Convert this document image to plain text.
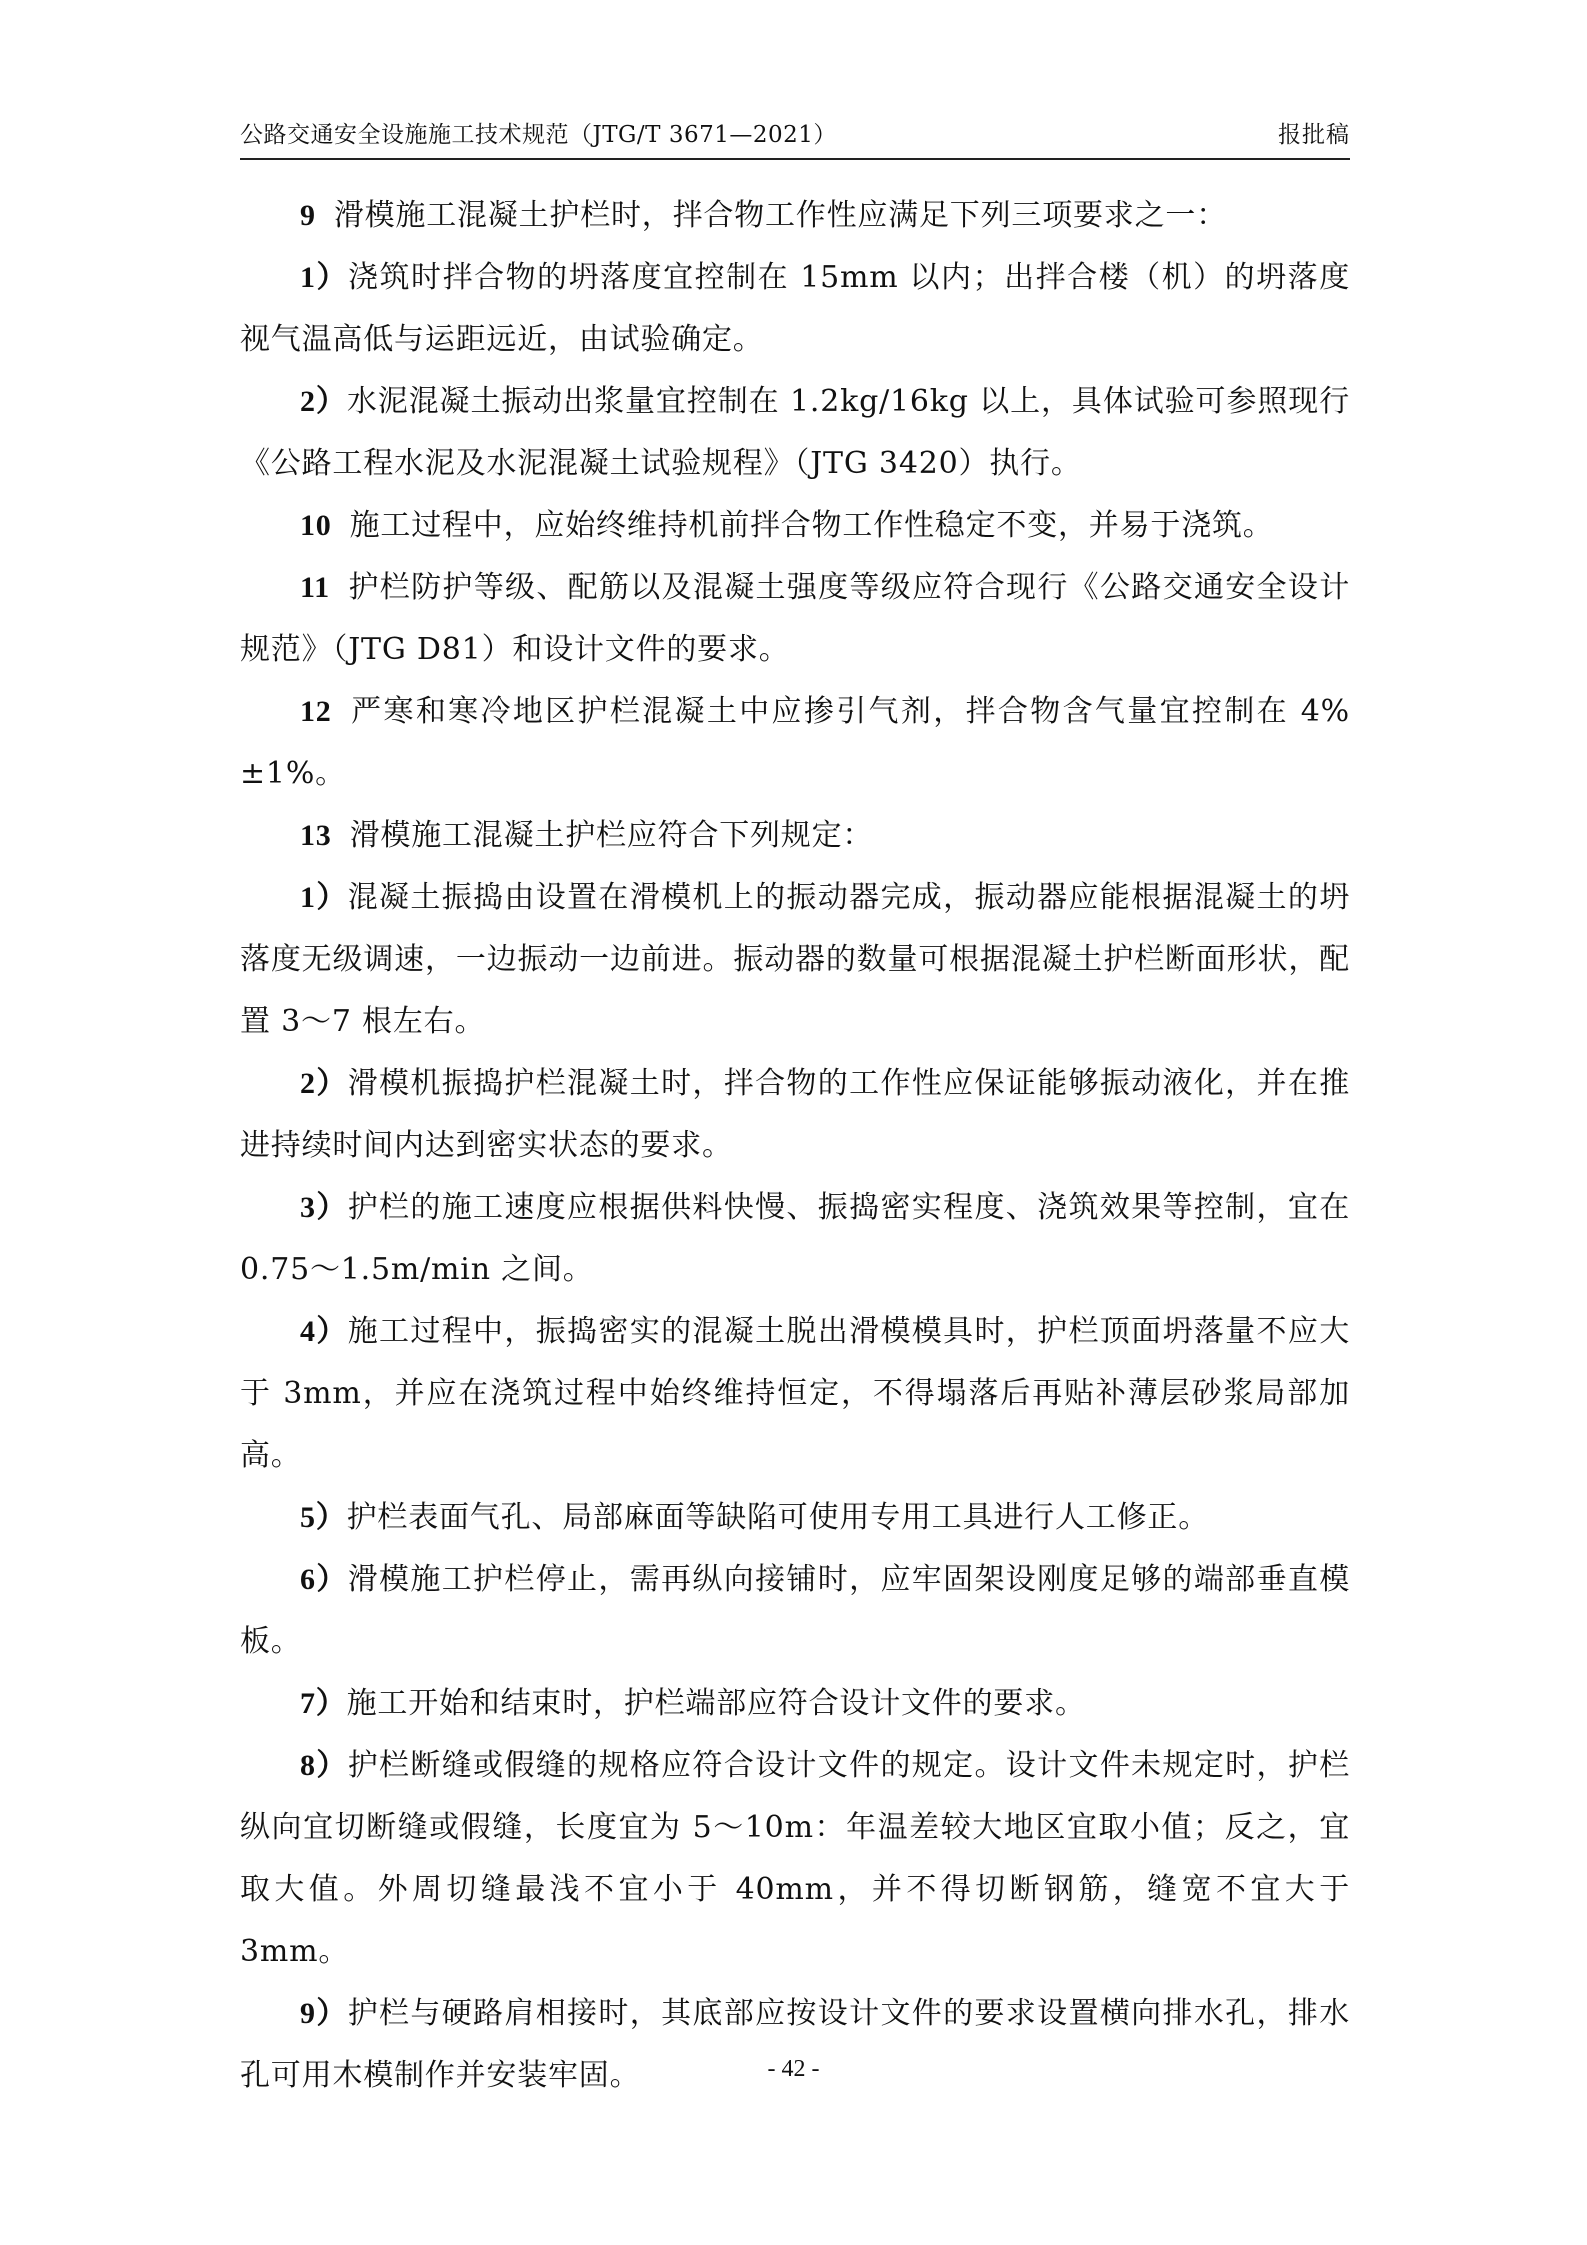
公路交通安全设施施工技术规范（JTG/T 3671—2021）	报批稿

9 滑模施工混凝土护栏时，拌合物工作性应满足下列三项要求之一：

1）浇筑时拌合物的坍落度宜控制在 15mm 以内；出拌合楼（机）的坍落度视气温高低与运距远近，由试验确定。

2）水泥混凝土振动出浆量宜控制在 1.2kg/16kg 以上，具体试验可参照现行《公路工程水泥及水泥混凝土试验规程》（JTG 3420）执行。

10 施工过程中，应始终维持机前拌合物工作性稳定不变，并易于浇筑。

11 护栏防护等级、配筋以及混凝土强度等级应符合现行《公路交通安全设计规范》（JTG D81）和设计文件的要求。

12 严寒和寒冷地区护栏混凝土中应掺引气剂，拌合物含气量宜控制在 4%±1%。

13 滑模施工混凝土护栏应符合下列规定：

1）混凝土振捣由设置在滑模机上的振动器完成，振动器应能根据混凝土的坍落度无级调速，一边振动一边前进。振动器的数量可根据混凝土护栏断面形状，配置 3～7 根左右。

2）滑模机振捣护栏混凝土时，拌合物的工作性应保证能够振动液化，并在推进持续时间内达到密实状态的要求。

3）护栏的施工速度应根据供料快慢、振捣密实程度、浇筑效果等控制，宜在 0.75～1.5m/min 之间。

4）施工过程中，振捣密实的混凝土脱出滑模模具时，护栏顶面坍落量不应大于 3mm，并应在浇筑过程中始终维持恒定，不得塌落后再贴补薄层砂浆局部加高。

5）护栏表面气孔、局部麻面等缺陷可使用专用工具进行人工修正。

6）滑模施工护栏停止，需再纵向接铺时，应牢固架设刚度足够的端部垂直模板。

7）施工开始和结束时，护栏端部应符合设计文件的要求。

8）护栏断缝或假缝的规格应符合设计文件的规定。设计文件未规定时，护栏纵向宜切断缝或假缝，长度宜为 5～10m：年温差较大地区宜取小值；反之，宜取大值。外周切缝最浅不宜小于 40mm，并不得切断钢筋，缝宽不宜大于 3mm。

9）护栏与硬路肩相接时，其底部应按设计文件的要求设置横向排水孔，排水孔可用木模制作并安装牢固。	- 42 -
